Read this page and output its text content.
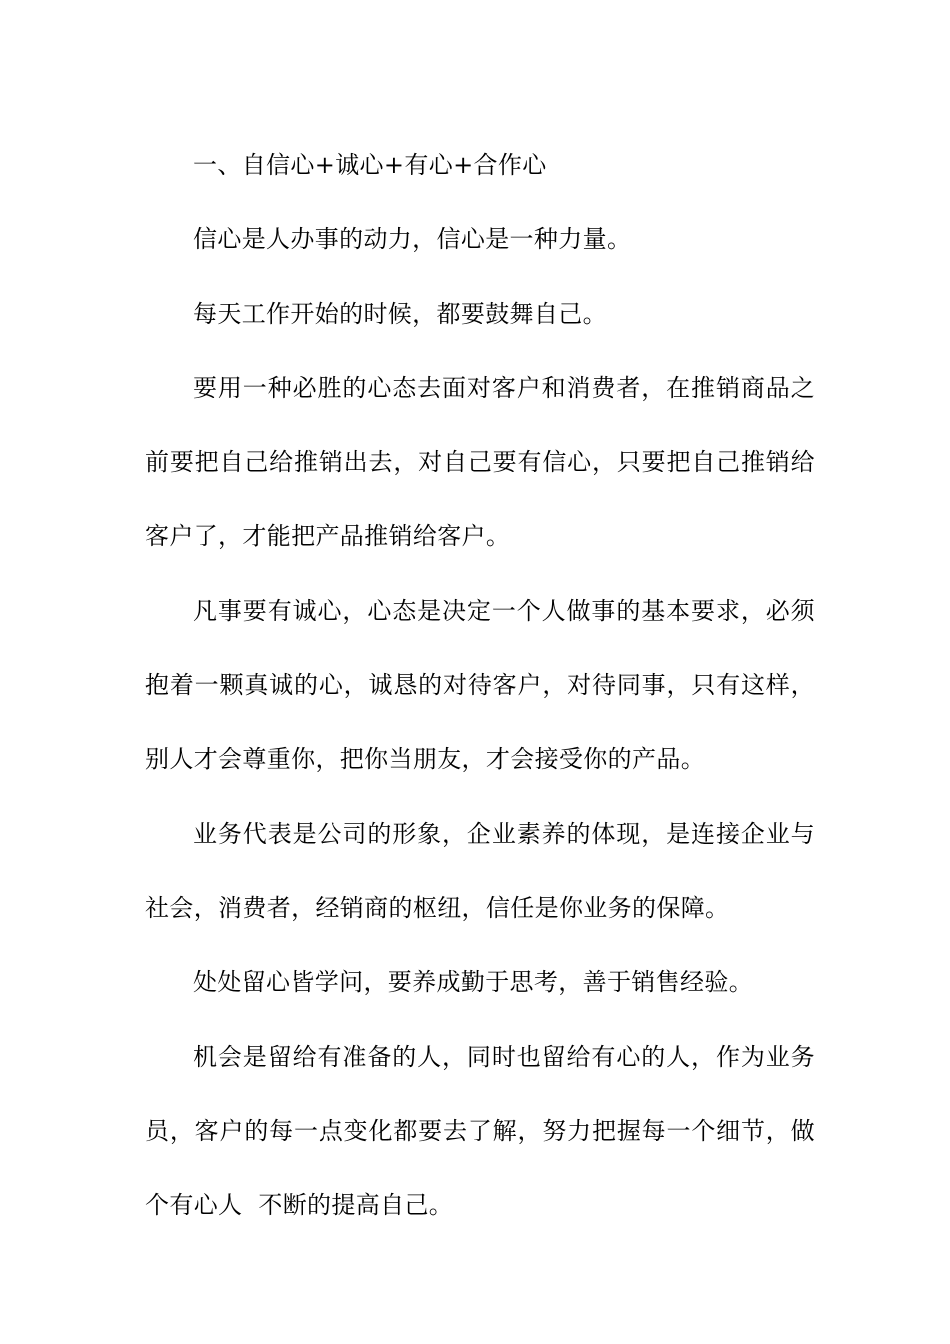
一、自信心+诚心+有心+合作心

信心是人办事的动力，信心是一种力量。

每天工作开始的时候，都要鼓舞自己。

要用一种必胜的心态去面对客户和消费者，在推销商品之前要把自己给推销出去，对自己要有信心，只要把自己推销给客户了，才能把产品推销给客户。

凡事要有诚心，心态是决定一个人做事的基本要求，必须抱着一颗真诚的心，诚恳的对待客户，对待同事，只有这样，别人才会尊重你，把你当朋友，才会接受你的产品。

业务代表是公司的形象，企业素养的体现，是连接企业与社会，消费者，经销商的枢纽，信任是你业务的保障。

处处留心皆学问，要养成勤于思考，善于销售经验。

机会是留给有准备的人，同时也留给有心的人，作为业务员，客户的每一点变化都要去了解，努力把握每一个细节，做个有心人  不断的提高自己。
